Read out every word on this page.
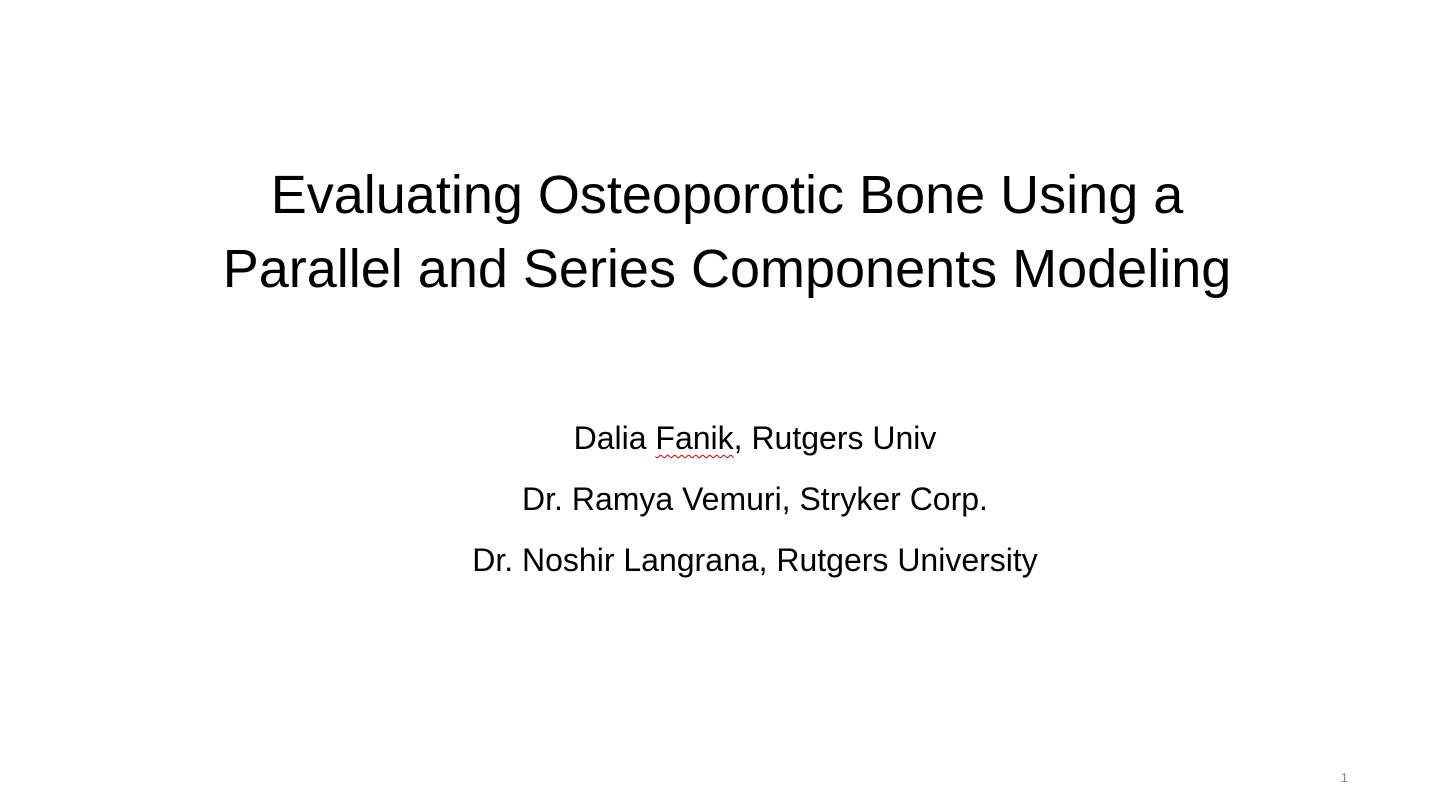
Evaluating Osteoporotic Bone Using a
Parallel and Series Components Modeling
Dalia Fanik, Rutgers Univ
Dr. Ramya Vemuri, Stryker Corp.
Dr. Noshir Langrana, Rutgers University
1
